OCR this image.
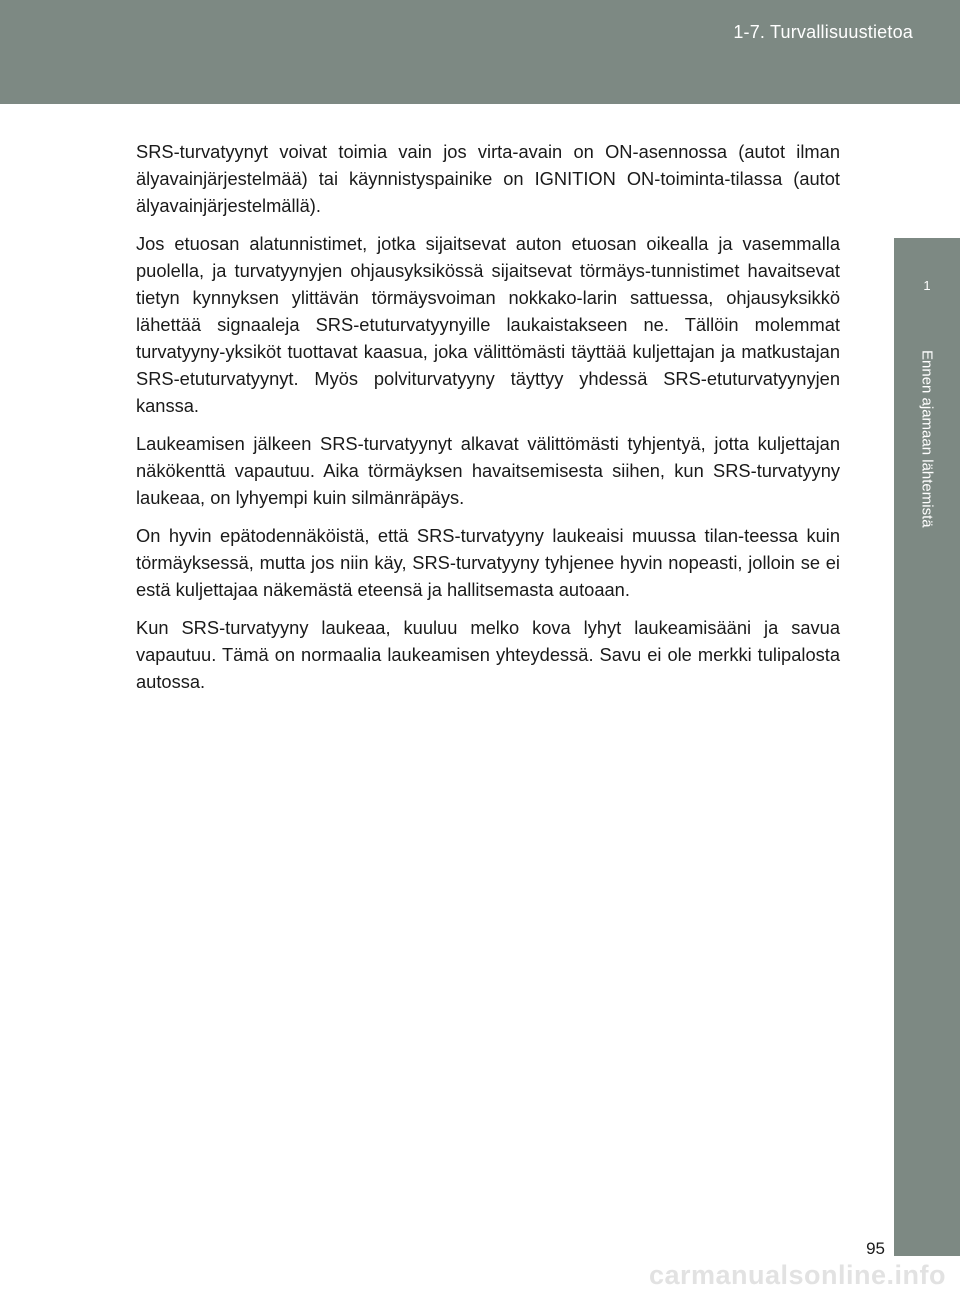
1-7. Turvallisuustietoa
1
Ennen ajamaan lähtemistä

SRS-turvatyynyt voivat toimia vain jos virta-avain on ON-asennossa (autot ilman älyavainjärjestelmää) tai käynnistyspainike on IGNITION ON-toiminta-tilassa (autot älyavainjärjestelmällä).

Jos etuosan alatunnistimet, jotka sijaitsevat auton etuosan oikealla ja vasemmalla puolella, ja turvatyynyjen ohjausyksikössä sijaitsevat törmäys-tunnistimet havaitsevat tietyn kynnyksen ylittävän törmäysvoiman nokkako-larin sattuessa, ohjausyksikkö lähettää signaaleja SRS-etuturvatyynyille laukaistakseen ne. Tällöin molemmat turvatyyny-yksiköt tuottavat kaasua, joka välittömästi täyttää kuljettajan ja matkustajan SRS-etuturvatyynyt. Myös polviturvatyyny täyttyy yhdessä SRS-etuturvatyynyjen kanssa.

Laukeamisen jälkeen SRS-turvatyynyt alkavat välittömästi tyhjentyä, jotta kuljettajan näkökenttä vapautuu. Aika törmäyksen havaitsemisesta siihen, kun SRS-turvatyyny laukeaa, on lyhyempi kuin silmänräpäys.

On hyvin epätodennäköistä, että SRS-turvatyyny laukeaisi muussa tilan-teessa kuin törmäyksessä, mutta jos niin käy, SRS-turvatyyny tyhjenee hyvin nopeasti, jolloin se ei estä kuljettajaa näkemästä eteensä ja hallitsemasta autoaan.

Kun SRS-turvatyyny laukeaa, kuuluu melko kova lyhyt laukeamisääni ja savua vapautuu. Tämä on normaalia laukeamisen yhteydessä. Savu ei ole merkki tulipalosta autossa.

95
carmanualsonline.info
